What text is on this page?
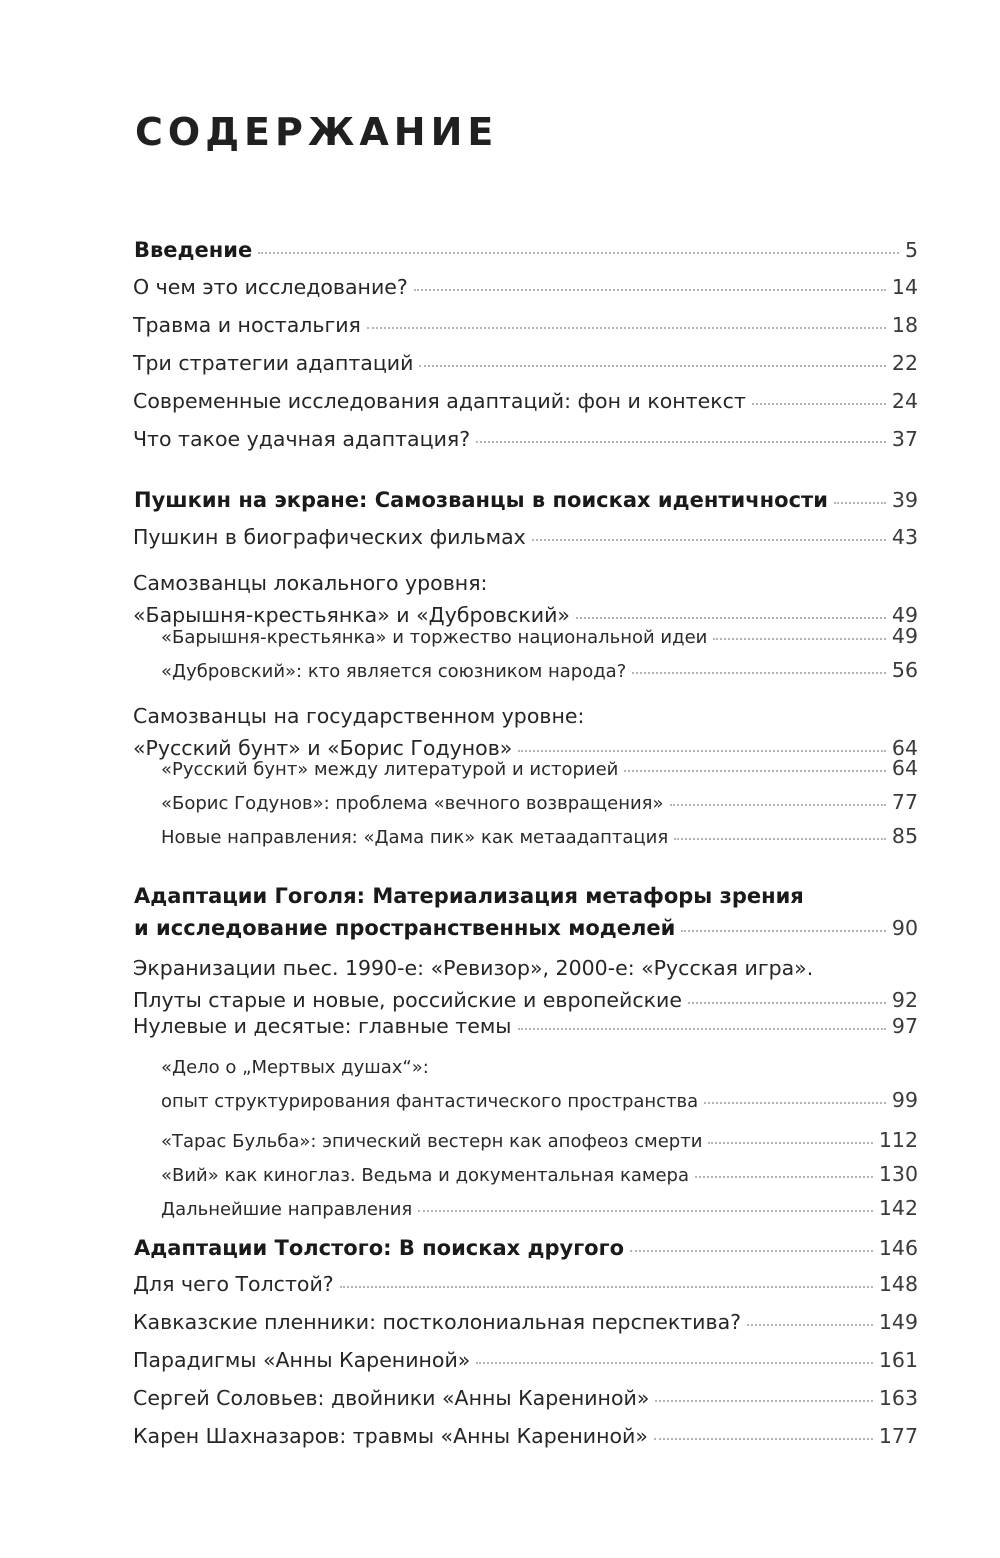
СОДЕРЖАНИЕ
Введение	5
О чем это исследование?	14
Травма и ностальгия	18
Три стратегии адаптаций	22
Современные исследования адаптаций: фон и контекст	24
Что такое удачная адаптация?	37
Пушкин на экране: Самозванцы в поисках идентичности	39
Пушкин в биографических фильмах	43
Самозванцы локального уровня:
«Барышня-крестьянка» и «Дубровский»	49
«Барышня-крестьянка» и торжество национальной идеи	49
«Дубровский»: кто является союзником народа?	56
Самозванцы на государственном уровне:
«Русский бунт» и «Борис Годунов»	64
«Русский бунт» между литературой и историей	64
«Борис Годунов»: проблема «вечного возвращения»	77
Новые направления: «Дама пик» как метаадаптация	85
Адаптации Гоголя: Материализация метафоры зрения
и исследование пространственных моделей	90
Экранизации пьес. 1990-е: «Ревизор», 2000-е: «Русская игра».
Плуты старые и новые, российские и европейские	92
Нулевые и десятые: главные темы	97
«Дело о „Мертвых душах“»:
опыт структурирования фантастического пространства	99
«Тарас Бульба»: эпический вестерн как апофеоз смерти	112
«Вий» как киноглаз. Ведьма и документальная камера	130
Дальнейшие направления	142
Адаптации Толстого: В поисках другого	146
Для чего Толстой?	148
Кавказские пленники: постколониальная перспектива?	149
Парадигмы «Анны Карениной»	161
Сергей Соловьев: двойники «Анны Карениной»	163
Карен Шахназаров: травмы «Анны Карениной»	177
